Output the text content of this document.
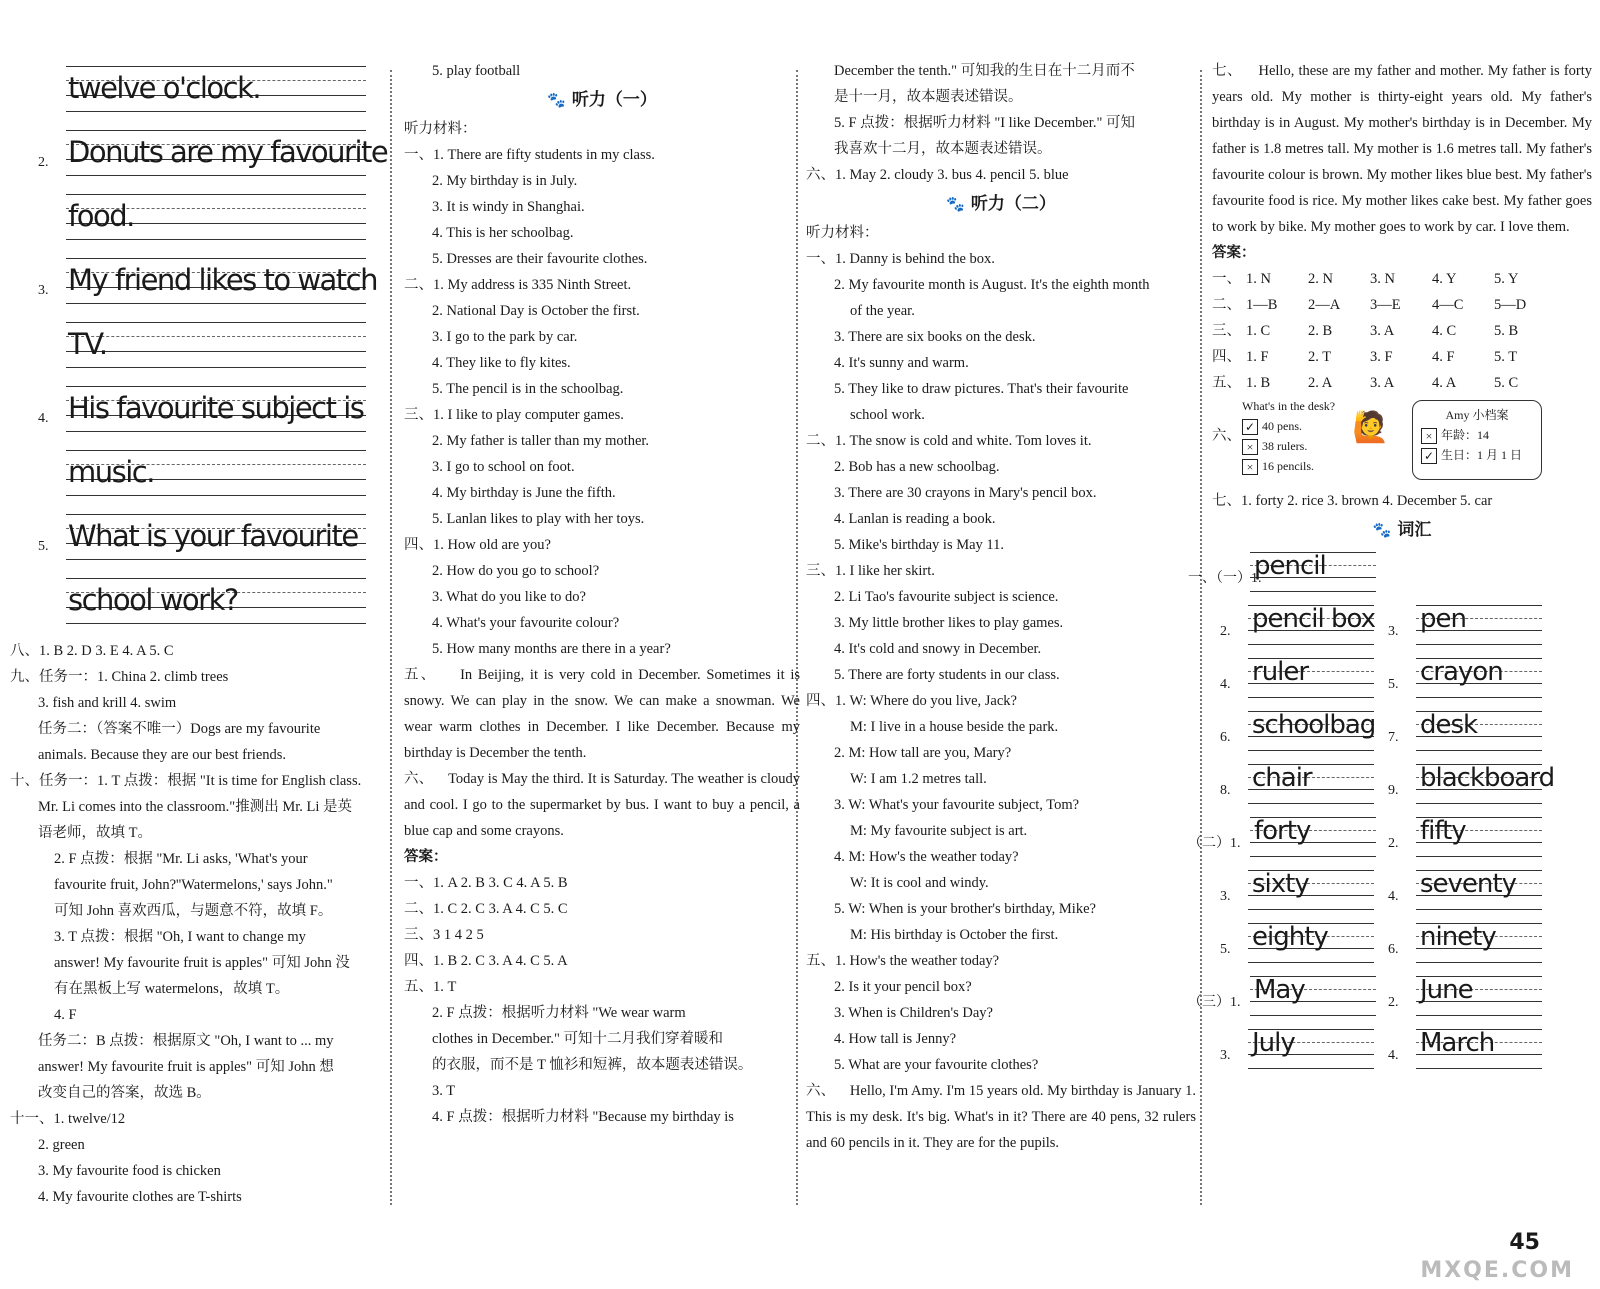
twelve o'clock.
2. Donuts are my favourite
food.
3. My friend likes to watch
TV.
4. His favourite subject is
music.
5. What is your favourite
school work?
八、1. B 2. D 3. E 4. A 5. C
九、任务一：1. China 2. climb trees
3. fish and krill 4. swim
任务二：（答案不唯一）Dogs are my favourite
animals. Because they are our best friends.
十、任务一：1. T 点拨：根据 "It is time for English class.
Mr. Li comes into the classroom."推测出 Mr. Li 是英
语老师，故填 T。
2. F 点拨：根据 "Mr. Li asks, 'What's your
favourite fruit, John?''Watermelons,' says John."
可知 John 喜欢西瓜，与题意不符，故填 F。
3. T 点拨：根据 "Oh, I want to change my
answer! My favourite fruit is apples" 可知 John 没
有在黑板上写 watermelons，故填 T。
4. F
任务二：B 点拨：根据原文 "Oh, I want to ... my
answer! My favourite fruit is apples" 可知 John 想
改变自己的答案，故选 B。
十一、1. twelve/12
2. green
3. My favourite food is chicken
4. My favourite clothes are T-shirts
5. play football
🐾 听力（一）
听力材料：
一、1. There are fifty students in my class.
2. My birthday is in July.
3. It is windy in Shanghai.
4. This is her schoolbag.
5. Dresses are their favourite clothes.
二、1. My address is 335 Ninth Street.
2. National Day is October the first.
3. I go to the park by car.
4. They like to fly kites.
5. The pencil is in the schoolbag.
三、1. I like to play computer games.
2. My father is taller than my mother.
3. I go to school on foot.
4. My birthday is June the fifth.
5. Lanlan likes to play with her toys.
四、1. How old are you?
2. How do you go to school?
3. What do you like to do?
4. What's your favourite colour?
5. How many months are there in a year?
五、 In Beijing, it is very cold in December. Sometimes it is snowy. We can play in the snow. We can make a snowman. We wear warm clothes in December. I like December. Because my birthday is December the tenth.
六、 Today is May the third. It is Saturday. The weather is cloudy and cool. I go to the supermarket by bus. I want to buy a pencil, a blue cap and some crayons.
答案：
一、1. A 2. B 3. C 4. A 5. B
二、1. C 2. C 3. A 4. C 5. C
三、3 1 4 2 5
四、1. B 2. C 3. A 4. C 5. A
五、1. T
2. F 点拨：根据听力材料 "We wear warm
clothes in December." 可知十二月我们穿着暖和
的衣服，而不是 T 恤衫和短裤，故本题表述错误。
3. T
4. F 点拨：根据听力材料 "Because my birthday is
December the tenth." 可知我的生日在十二月而不
是十一月，故本题表述错误。
5. F 点拨：根据听力材料 "I like December." 可知
我喜欢十二月，故本题表述错误。
六、1. May 2. cloudy 3. bus 4. pencil 5. blue
🐾 听力（二）
听力材料：
一、1. Danny is behind the box.
2. My favourite month is August. It's the eighth month
of the year.
3. There are six books on the desk.
4. It's sunny and warm.
5. They like to draw pictures. That's their favourite
school work.
二、1. The snow is cold and white. Tom loves it.
2. Bob has a new schoolbag.
3. There are 30 crayons in Mary's pencil box.
4. Lanlan is reading a book.
5. Mike's birthday is May 11.
三、1. I like her skirt.
2. Li Tao's favourite subject is science.
3. My little brother likes to play games.
4. It's cold and snowy in December.
5. There are forty students in our class.
四、1. W: Where do you live, Jack?
M: I live in a house beside the park.
2. M: How tall are you, Mary?
W: I am 1.2 metres tall.
3. W: What's your favourite subject, Tom?
M: My favourite subject is art.
4. M: How's the weather today?
W: It is cool and windy.
5. W: When is your brother's birthday, Mike?
M: His birthday is October the first.
五、1. How's the weather today?
2. Is it your pencil box?
3. When is Children's Day?
4. How tall is Jenny?
5. What are your favourite clothes?
六、 Hello, I'm Amy. I'm 15 years old. My birthday is January 1. This is my desk. It's big. What's in it? There are 40 pens, 32 rulers and 60 pencils in it. They are for the pupils.
七、 Hello, these are my father and mother. My father is forty years old. My mother is thirty-eight years old. My father's birthday is in August. My mother's birthday is in December. My father is 1.8 metres tall. My mother is 1.6 metres tall. My father's favourite colour is brown. My mother likes blue best. My father's favourite food is rice. My mother likes cake best. My father goes to work by bike. My mother goes to work by car. I love them.
答案：
一、 1. N	2. N	3. N	4. Y	5. Y
二、 1—B 2—A 3—E 4—C 5—D
三、 1. C	2. B	3. A	4. C	5. B
四、 1. F	2. T	3. F	4. F	5. T
五、 1. B	2. A	3. A	4. A	5. C
六、
What's in the desk?
✓ 40 pens.
× 38 rulers.
× 16 pencils.
🙋	Amy 小档案
× 年龄：14
✓ 生日：1 月 1 日
七、1. forty 2. rice 3. brown 4. December 5. car
🐾 词汇
一、（一）1.
pencil
2. pencil box 3. pen
4. ruler	5. crayon
6. schoolbag 7. desk
8. chair	9. blackboard
（二）1. forty	2. fifty
3. sixty	4. seventy
5. eighty	6. ninety
（三）1. May	2. June
3. July	4. March
45
MXQE.COM
